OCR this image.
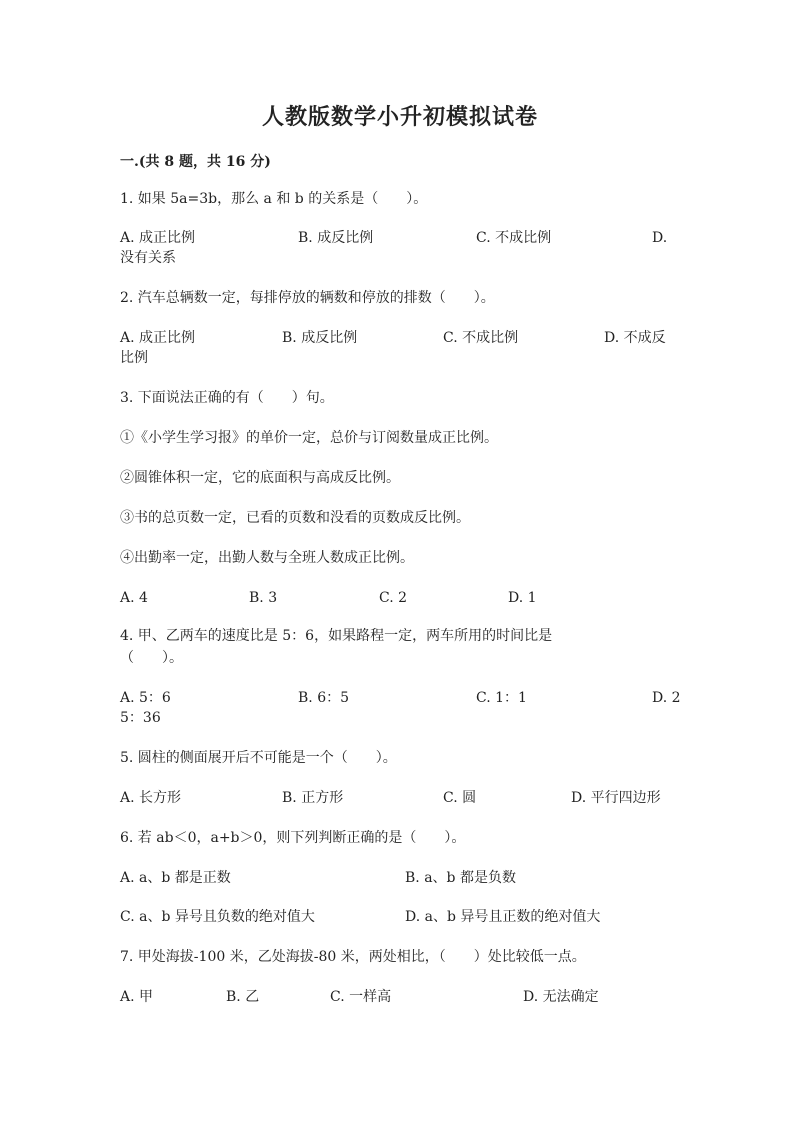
人教版数学小升初模拟试卷
一.(共 8 题，共 16 分)
1. 如果 5a=3b，那么 a 和 b 的关系是（　　）。
A. 成正比例	B. 成反比例	C. 不成比例	D.
没有关系
2. 汽车总辆数一定，每排停放的辆数和停放的排数（　　）。
A. 成正比例	B. 成反比例	C. 不成比例	D. 不成反
比例
3. 下面说法正确的有（　　）句。
①《小学生学习报》的单价一定，总价与订阅数量成正比例。
②圆锥体积一定，它的底面积与高成反比例。
③书的总页数一定，已看的页数和没看的页数成反比例。
④出勤率一定，出勤人数与全班人数成正比例。
A. 4	B. 3	C. 2	D. 1
4. 甲、乙两车的速度比是 5：6，如果路程一定，两车所用的时间比是
（　　）。
A. 5：6	B. 6：5	C. 1：1	D. 2
5：36
5. 圆柱的侧面展开后不可能是一个（　　）。
A. 长方形	B. 正方形	C. 圆	D. 平行四边形
6. 若 ab＜0，a+b＞0，则下列判断正确的是（　　）。
A. a、b 都是正数	B. a、b 都是负数
C. a、b 异号且负数的绝对值大	D. a、b 异号且正数的绝对值大
7. 甲处海拔-100 米，乙处海拔-80 米，两处相比，（　　）处比较低一点。
A. 甲	B. 乙	C. 一样高	D. 无法确定
